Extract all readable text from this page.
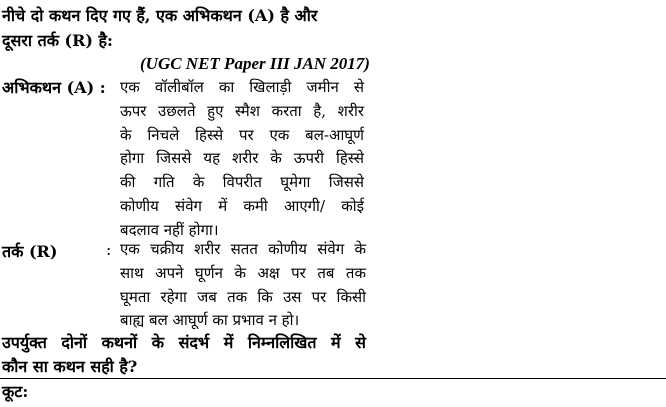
नीचे दो कथन दिए गए हैं, एक अभिकथन (A) है और
दूसरा तर्क (R) है:
(UGC NET Paper III JAN 2017)
अभिकथन (A) : एक वॉलीबॉल का खिलाड़ी जमीन से
ऊपर उछलते हुए स्मैश करता है, शरीर
के निचले हिस्से पर एक बल-आघूर्ण
होगा जिससे यह शरीर के ऊपरी हिस्से
की गति के विपरीत घूमेगा जिससे
कोणीय संवेग में कमी आएगी/ कोई
बदलाव नहीं होगा।
तर्क (R)	: एक चक्रीय शरीर सतत कोणीय संवेग के
साथ अपने घूर्णन के अक्ष पर तब तक
घूमता रहेगा जब तक कि उस पर किसी
बाह्य बल आघूर्ण का प्रभाव न हो।
उपर्युक्त दोनों कथनों के संदर्भ में निम्नलिखित में से
कौन सा कथन सही है?
कूट:
